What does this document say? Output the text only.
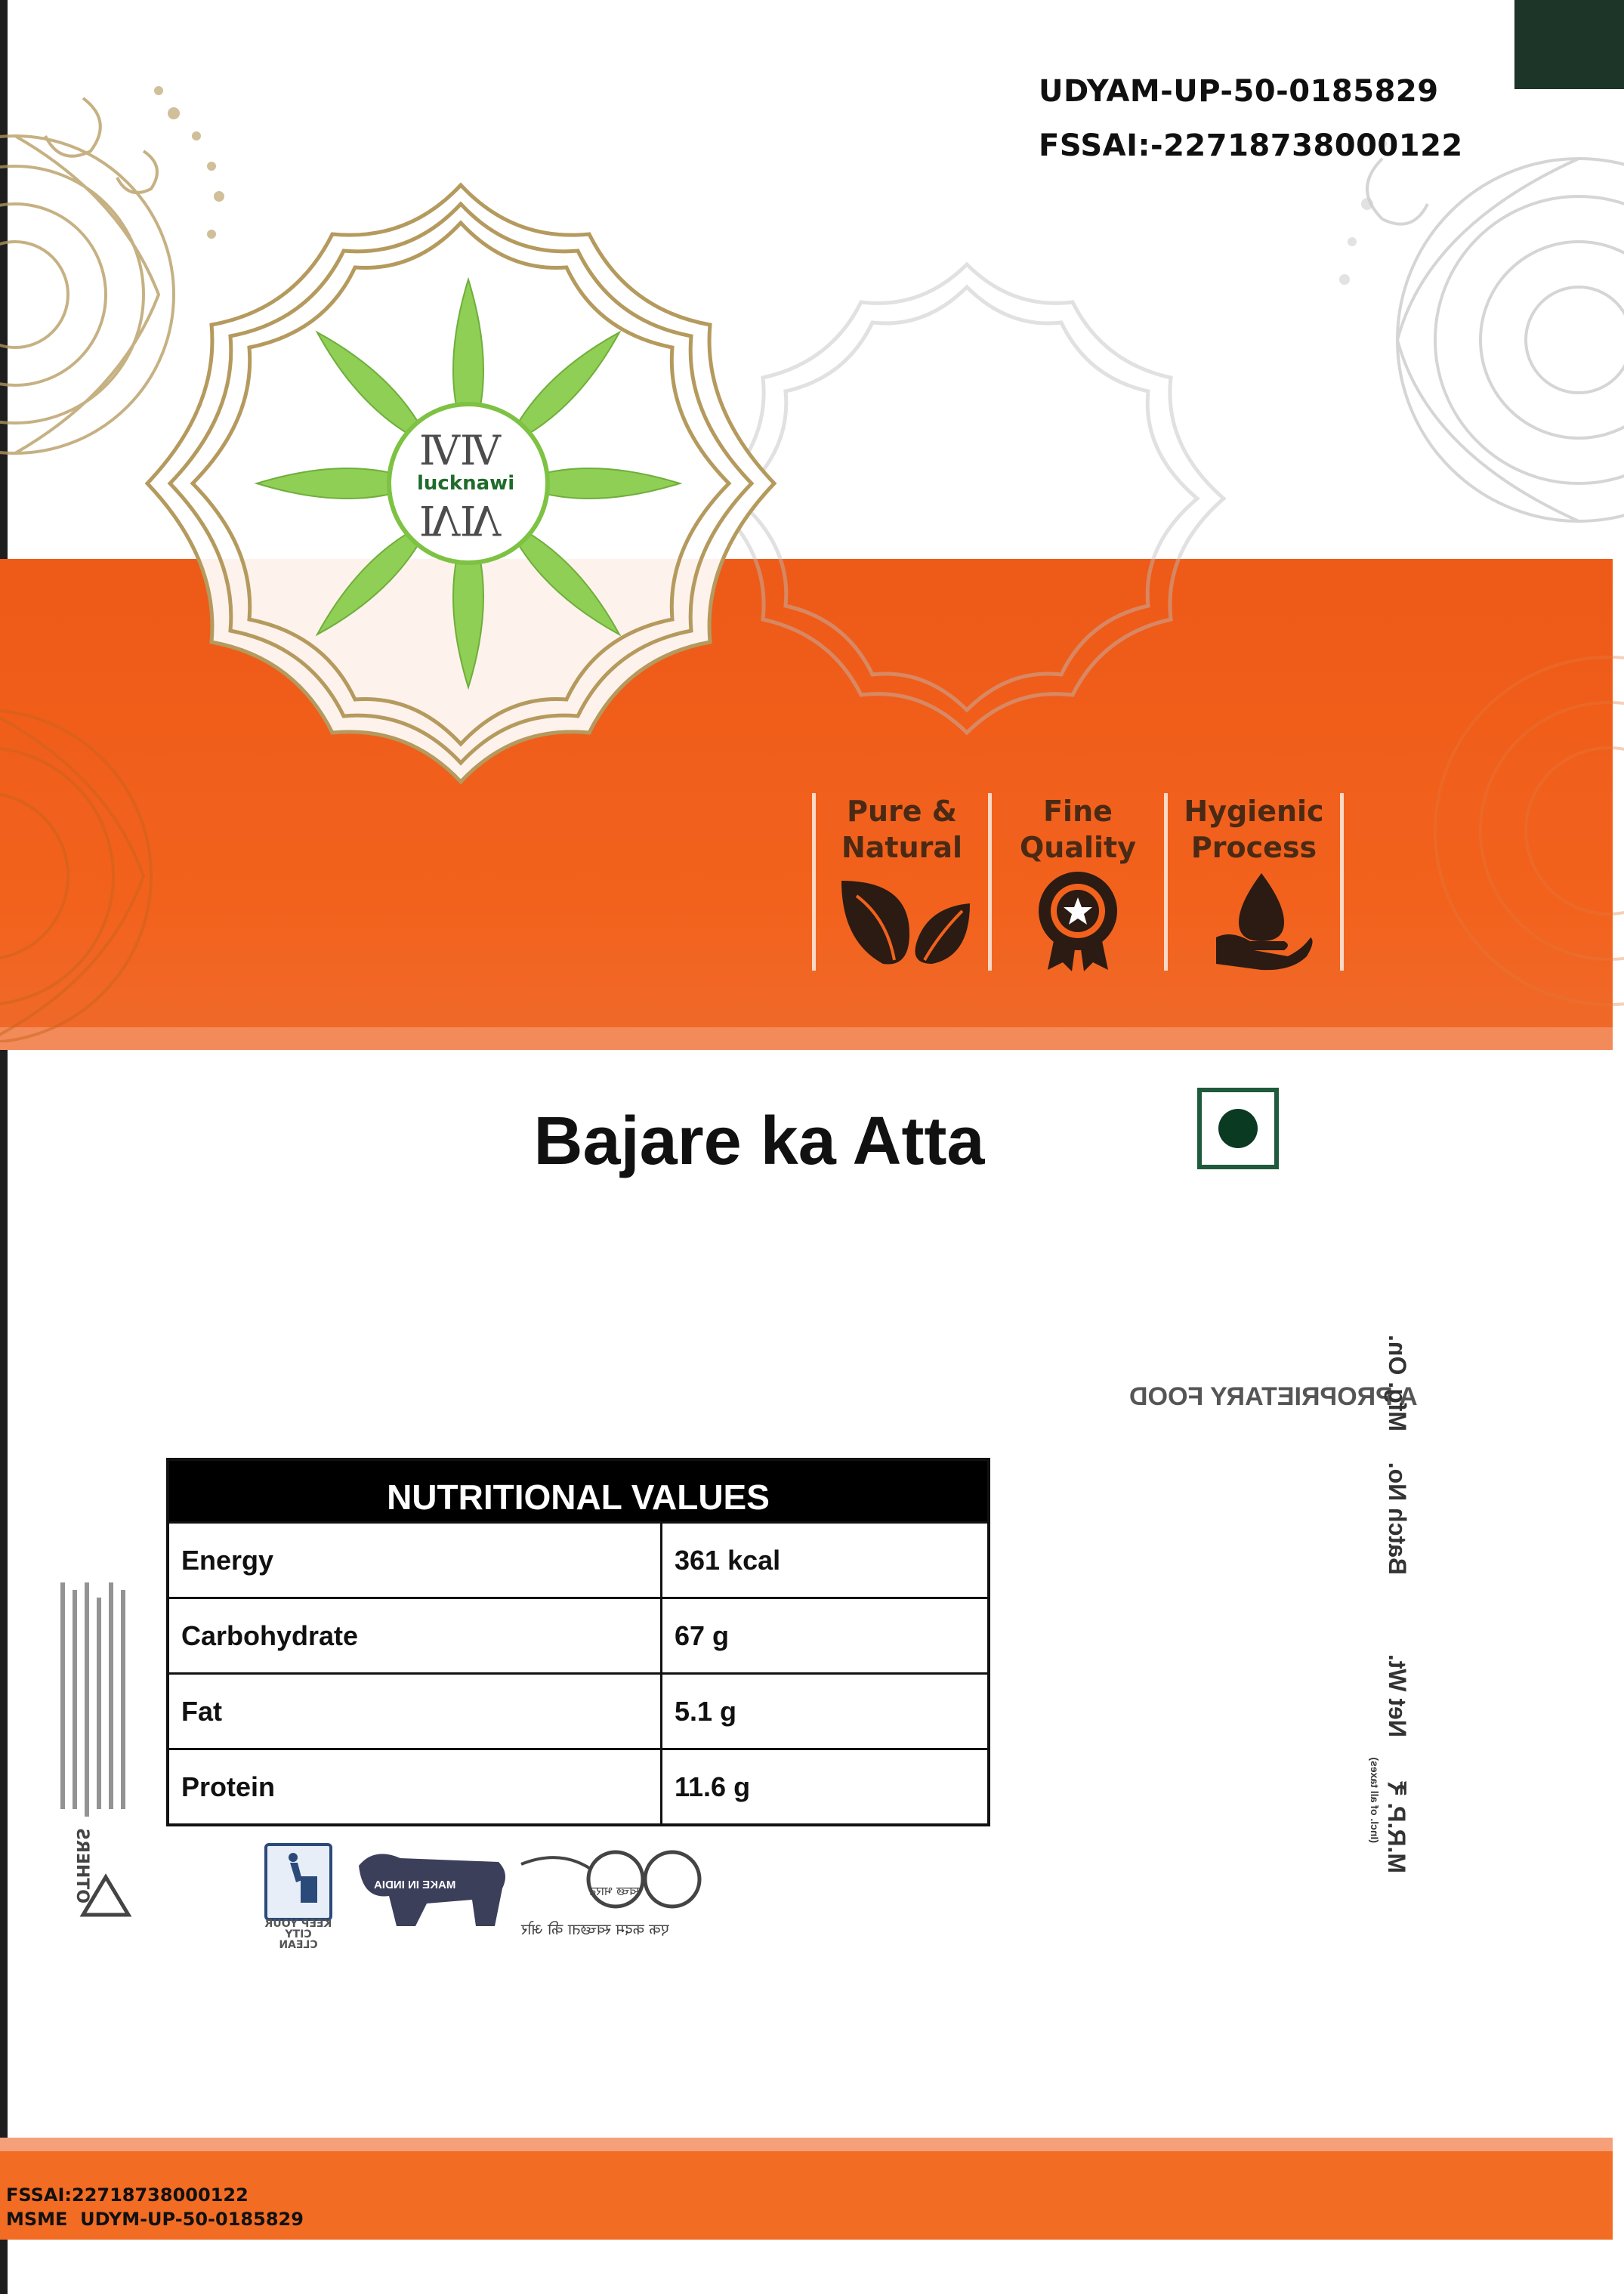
ⅣⅣ
ⅣⅣ
lucknawi
UDYAM-UP-50-0185829
FSSAI:-22718738000122
Pure &
Natural
Fine
Quality
Hygienic
Process
Bajare ka Atta
A PROPRIETARY FOOD
Mfg. On.
Batch No.
Net Wt.
M.R.P. ₹
(Incl. of all taxes)
NUTRITIONAL VALUES
Energy	361 kcal
Carbohydrate	67 g
Fat	5.1 g
Protein	11.6 g
OTHERS
KEEP YOUR CITY CLEAN
MAKE IN INDIA	स्वच्छ भारत
एक कदम स्वच्छता की ओर
FSSAI:22718738000122
MSME  UDYM-UP-50-0185829
